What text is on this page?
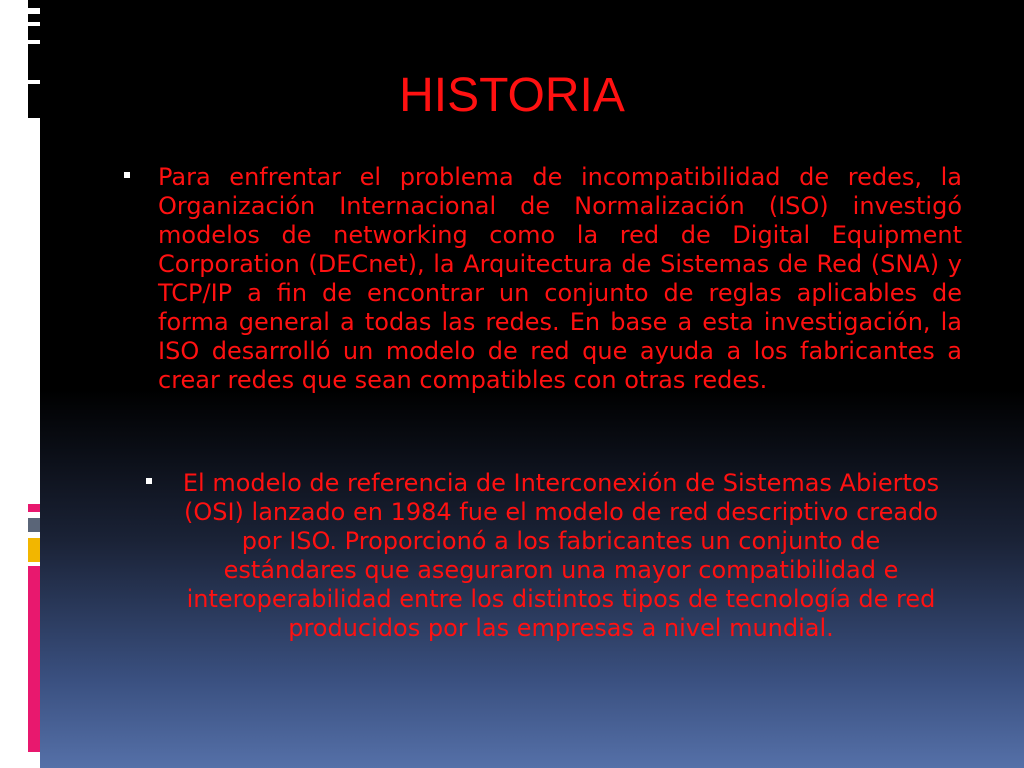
HISTORIA
Para enfrentar el problema de incompatibilidad de redes, la Organización Internacional de Normalización (ISO) investigó modelos de networking como la red de Digital Equipment Corporation (DECnet), la Arquitectura de Sistemas de Red (SNA) y TCP/IP a fin de encontrar un conjunto de reglas aplicables de forma general a todas las redes. En base a esta investigación, la ISO desarrolló un modelo de red que ayuda a los fabricantes a crear redes que sean compatibles con otras redes.
El modelo de referencia de Interconexión de Sistemas Abiertos (OSI) lanzado en 1984 fue el modelo de red descriptivo creado por ISO. Proporcionó a los fabricantes un conjunto de estándares que aseguraron una mayor compatibilidad e interoperabilidad entre los distintos tipos de tecnología de red producidos por las empresas a nivel mundial.
